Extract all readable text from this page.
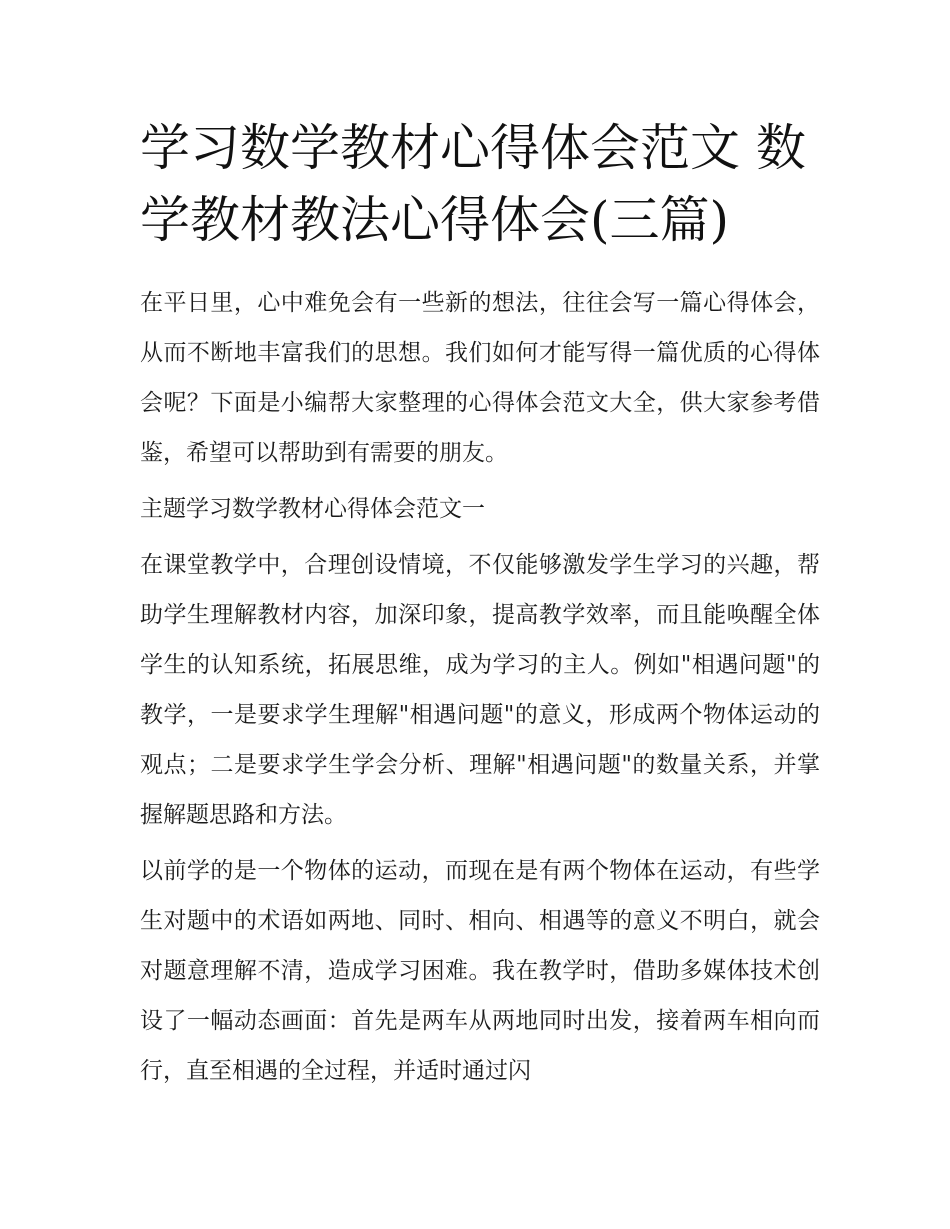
学习数学教材心得体会范文 数学教材教法心得体会(三篇)

在平日里，心中难免会有一些新的想法，往往会写一篇心得体会，从而不断地丰富我们的思想。我们如何才能写得一篇优质的心得体会呢？下面是小编帮大家整理的心得体会范文大全，供大家参考借鉴，希望可以帮助到有需要的朋友。

主题学习数学教材心得体会范文一

在课堂教学中，合理创设情境，不仅能够激发学生学习的兴趣，帮助学生理解教材内容，加深印象，提高教学效率，而且能唤醒全体学生的认知系统，拓展思维，成为学习的主人。例如"相遇问题"的教学，一是要求学生理解"相遇问题"的意义，形成两个物体运动的观点；二是要求学生学会分析、理解"相遇问题"的数量关系，并掌握解题思路和方法。

以前学的是一个物体的运动，而现在是有两个物体在运动，有些学生对题中的术语如两地、同时、相向、相遇等的意义不明白，就会对题意理解不清，造成学习困难。我在教学时，借助多媒体技术创设了一幅动态画面：首先是两车从两地同时出发，接着两车相向而行，直至相遇的全过程，并适时通过闪
